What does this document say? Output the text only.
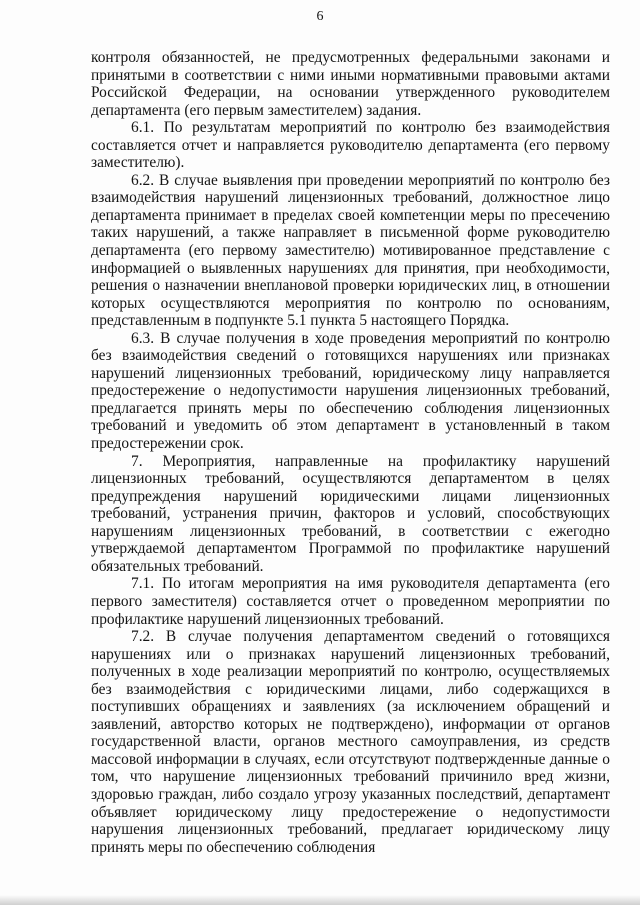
6

контроля обязанностей, не предусмотренных федеральными законами и принятыми в соответствии с ними иными нормативными правовыми актами Российской Федерации, на основании утвержденного руководителем департамента (его первым заместителем) задания.

6.1. По результатам мероприятий по контролю без взаимодействия составляется отчет и направляется руководителю департамента (его первому заместителю).

6.2. В случае выявления при проведении мероприятий по контролю без взаимодействия нарушений лицензионных требований, должностное лицо департамента принимает в пределах своей компетенции меры по пресечению таких нарушений, а также направляет в письменной форме руководителю департамента (его первому заместителю) мотивированное представление с информацией о выявленных нарушениях для принятия, при необходимости, решения о назначении внеплановой проверки юридических лиц, в отношении которых осуществляются мероприятия по контролю по основаниям, представленным в подпункте 5.1 пункта 5 настоящего Порядка.

6.3. В случае получения в ходе проведения мероприятий по контролю без взаимодействия сведений о готовящихся нарушениях или признаках нарушений лицензионных требований, юридическому лицу направляется предостережение о недопустимости нарушения лицензионных требований, предлагается принять меры по обеспечению соблюдения лицензионных требований и уведомить об этом департамент в установленный в таком предостережении срок.

7. Мероприятия, направленные на профилактику нарушений лицензионных требований, осуществляются департаментом в целях предупреждения нарушений юридическими лицами лицензионных требований, устранения причин, факторов и условий, способствующих нарушениям лицензионных требований, в соответствии с ежегодно утверждаемой департаментом Программой по профилактике нарушений обязательных требований.

7.1. По итогам мероприятия на имя руководителя департамента (его первого заместителя) составляется отчет о проведенном мероприятии по профилактике нарушений лицензионных требований.

7.2. В случае получения департаментом сведений о готовящихся нарушениях или о признаках нарушений лицензионных требований, полученных в ходе реализации мероприятий по контролю, осуществляемых без взаимодействия с юридическими лицами, либо содержащихся в поступивших обращениях и заявлениях (за исключением обращений и заявлений, авторство которых не подтверждено), информации от органов государственной власти, органов местного самоуправления, из средств массовой информации в случаях, если отсутствуют подтвержденные данные о том, что нарушение лицензионных требований причинило вред жизни, здоровью граждан, либо создало угрозу указанных последствий, департамент объявляет юридическому лицу предостережение о недопустимости нарушения лицензионных требований, предлагает юридическому лицу принять меры по обеспечению соблюдения
